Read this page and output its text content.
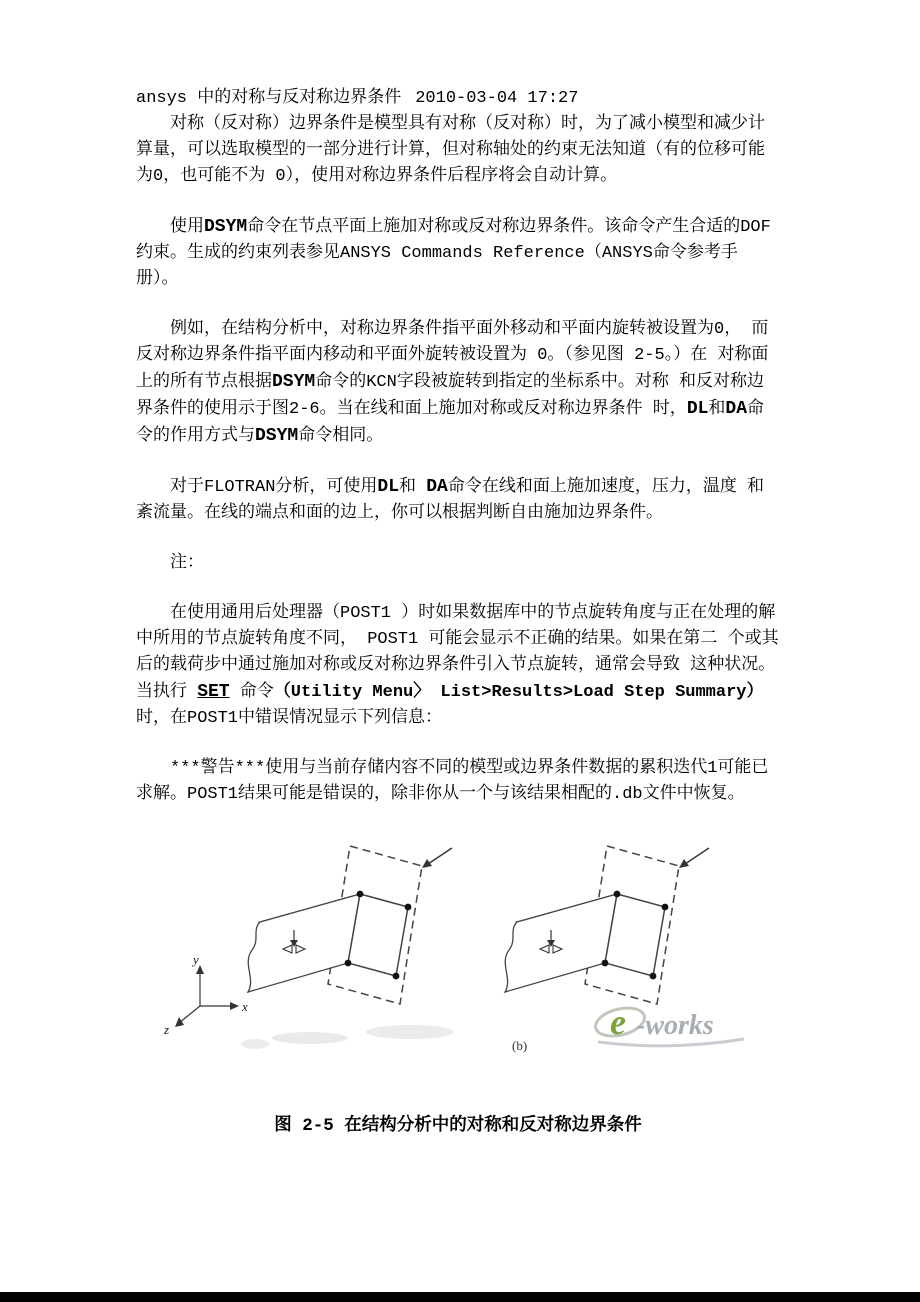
ansys 中的对称与反对称边界条件 2010-03-04 17:27

对称（反对称）边界条件是模型具有对称（反对称）时，为了减小模型和减少计算量，可以选取模型的一部分进行计算，但对称轴处的约束无法知道（有的位移可能为0，也可能不为 0），使用对称边界条件后程序将会自动计算。

使用DSYM命令在节点平面上施加对称或反对称边界条件。该命令产生合适的DOF约束。生成的约束列表参见ANSYS Commands Reference（ANSYS命令参考手册）。

例如，在结构分析中，对称边界条件指平面外移动和平面内旋转被设置为0， 而反对称边界条件指平面内移动和平面外旋转被设置为 0。（参见图 2-5。）在 对称面上的所有节点根据DSYM命令的KCN字段被旋转到指定的坐标系中。对称 和反对称边界条件的使用示于图2-6。当在线和面上施加对称或反对称边界条件 时，DL和DA命令的作用方式与DSYM命令相同。

对于FLOTRAN分析，可使用DL和 DA命令在线和面上施加速度，压力，温度 和紊流量。在线的端点和面的边上，你可以根据判断自由施加边界条件。

注：

在使用通用后处理器（POST1 ）时如果数据库中的节点旋转角度与正在处理的解中所用的节点旋转角度不同， POST1 可能会显示不正确的结果。如果在第二 个或其后的载荷步中通过施加对称或反对称边界条件引入节点旋转，通常会导致 这种状况。当执行 SET 命令（Utility Menu〉 List>Results>Load Step Summary） 时，在POST1中错误情况显示下列信息：

***警告***使用与当前存储内容不同的模型或边界条件数据的累积迭代1可能已求解。POST1结果可能是错误的，除非你从一个与该结果相配的.db文件中恢复。

y
x
z
(b)
e -works

图 2-5 在结构分析中的对称和反对称边界条件
